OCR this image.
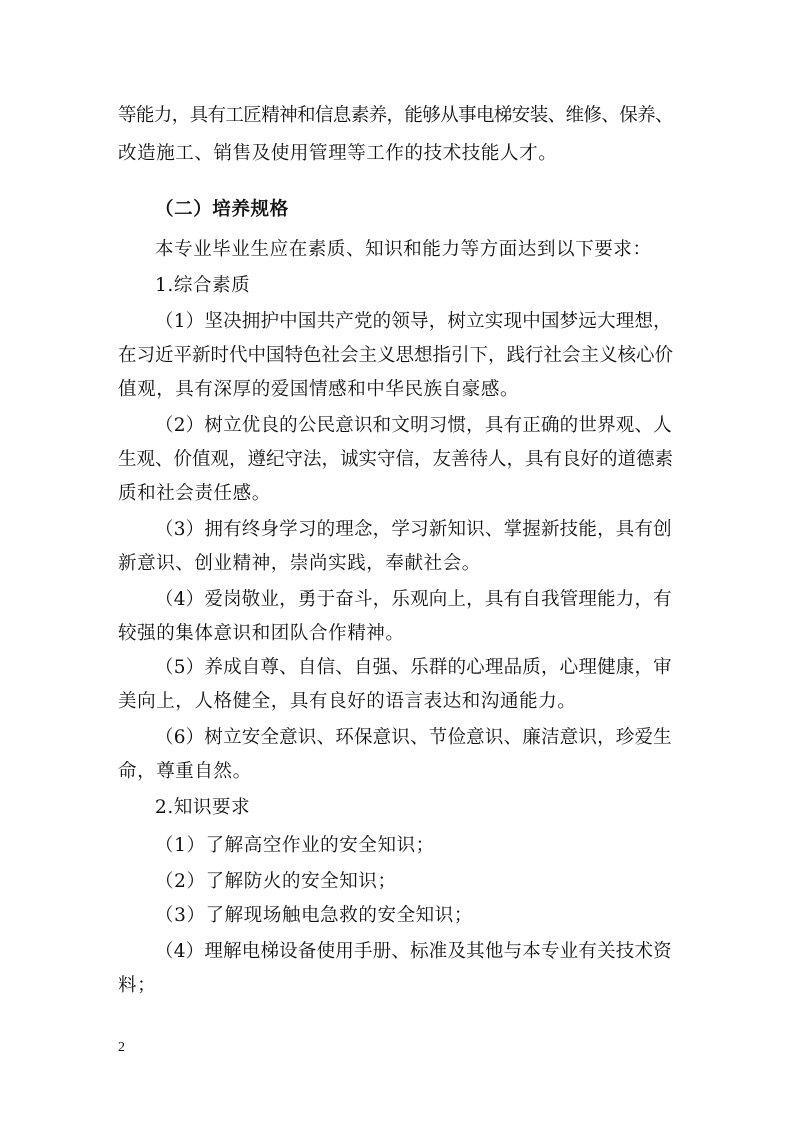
等能力，具有工匠精神和信息素养，能够从事电梯安装、维修、保养、
改造施工、销售及使用管理等工作的技术技能人才。
（二）培养规格
本专业毕业生应在素质、知识和能力等方面达到以下要求：
1.综合素质
（1）坚决拥护中国共产党的领导，树立实现中国梦远大理想，
在习近平新时代中国特色社会主义思想指引下，践行社会主义核心价
值观，具有深厚的爱国情感和中华民族自豪感。
（2）树立优良的公民意识和文明习惯，具有正确的世界观、人
生观、价值观，遵纪守法，诚实守信，友善待人，具有良好的道德素
质和社会责任感。
（3）拥有终身学习的理念，学习新知识、掌握新技能，具有创
新意识、创业精神，崇尚实践，奉献社会。
（4）爱岗敬业，勇于奋斗，乐观向上，具有自我管理能力，有
较强的集体意识和团队合作精神。
（5）养成自尊、自信、自强、乐群的心理品质，心理健康，审
美向上，人格健全，具有良好的语言表达和沟通能力。
（6）树立安全意识、环保意识、节俭意识、廉洁意识，珍爱生
命，尊重自然。
2.知识要求
（1）了解高空作业的安全知识；
（2）了解防火的安全知识；
（3）了解现场触电急救的安全知识；
（4）理解电梯设备使用手册、标准及其他与本专业有关技术资
料；
2
